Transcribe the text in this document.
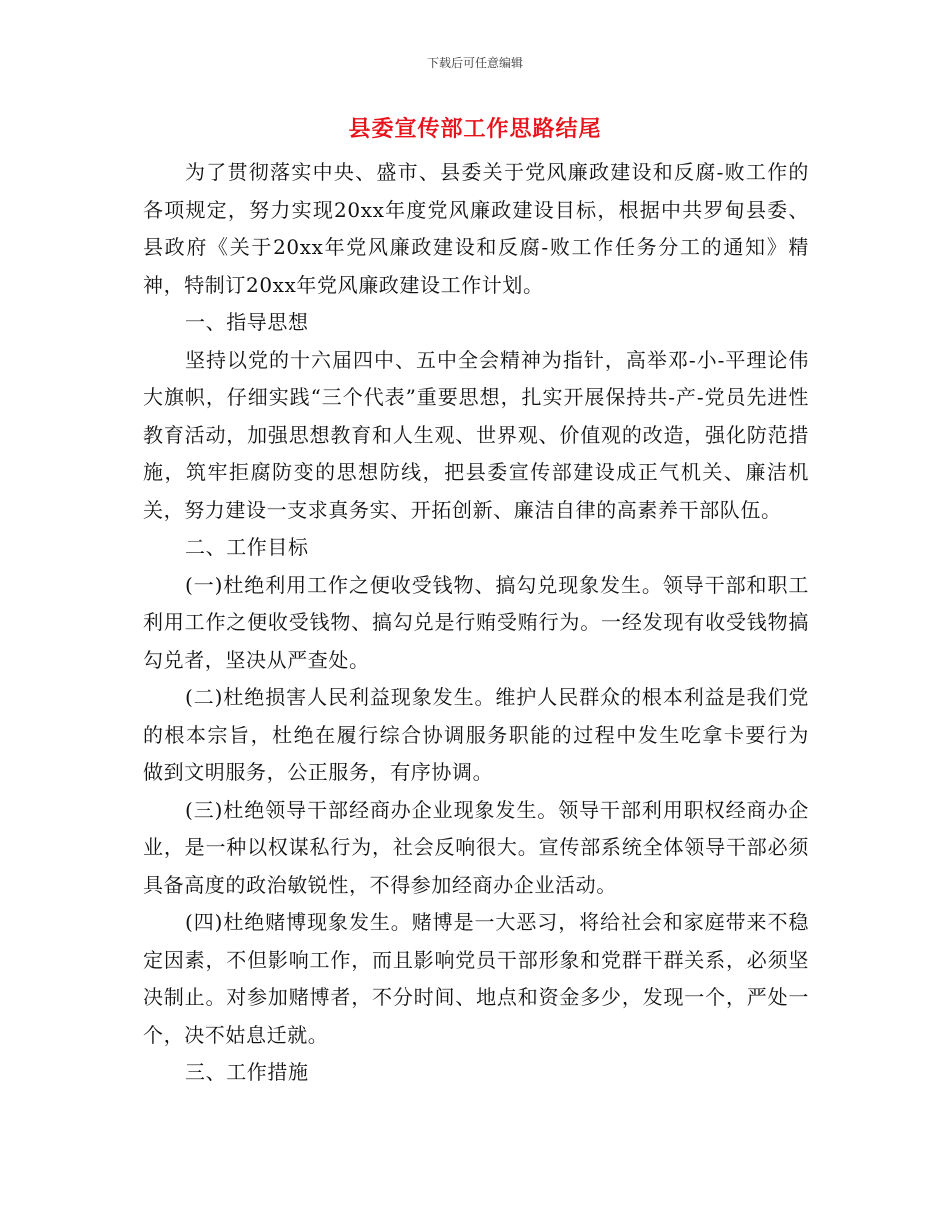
下载后可任意编辑
县委宣传部工作思路结尾

为了贯彻落实中央、盛市、县委关于党风廉政建设和反腐-败工作的各项规定，努力实现20xx年度党风廉政建设目标，根据中共罗甸县委、县政府《关于20xx年党风廉政建设和反腐-败工作任务分工的通知》精神，特制订20xx年党风廉政建设工作计划。

一、指导思想

坚持以党的十六届四中、五中全会精神为指针，高举邓-小-平理论伟大旗帜，仔细实践“三个代表”重要思想，扎实开展保持共-产-党员先进性教育活动，加强思想教育和人生观、世界观、价值观的改造，强化防范措施，筑牢拒腐防变的思想防线，把县委宣传部建设成正气机关、廉洁机关，努力建设一支求真务实、开拓创新、廉洁自律的高素养干部队伍。

二、工作目标

(一)杜绝利用工作之便收受钱物、搞勾兑现象发生。领导干部和职工利用工作之便收受钱物、搞勾兑是行贿受贿行为。一经发现有收受钱物搞勾兑者，坚决从严查处。

(二)杜绝损害人民利益现象发生。维护人民群众的根本利益是我们党的根本宗旨，杜绝在履行综合协调服务职能的过程中发生吃拿卡要行为 做到文明服务，公正服务，有序协调。

(三)杜绝领导干部经商办企业现象发生。领导干部利用职权经商办企业，是一种以权谋私行为，社会反响很大。宣传部系统全体领导干部必须具备高度的政治敏锐性，不得参加经商办企业活动。

(四)杜绝赌博现象发生。赌博是一大恶习，将给社会和家庭带来不稳定因素，不但影响工作，而且影响党员干部形象和党群干群关系，必须坚决制止。对参加赌博者，不分时间、地点和资金多少，发现一个，严处一个，决不姑息迁就。

三、工作措施
